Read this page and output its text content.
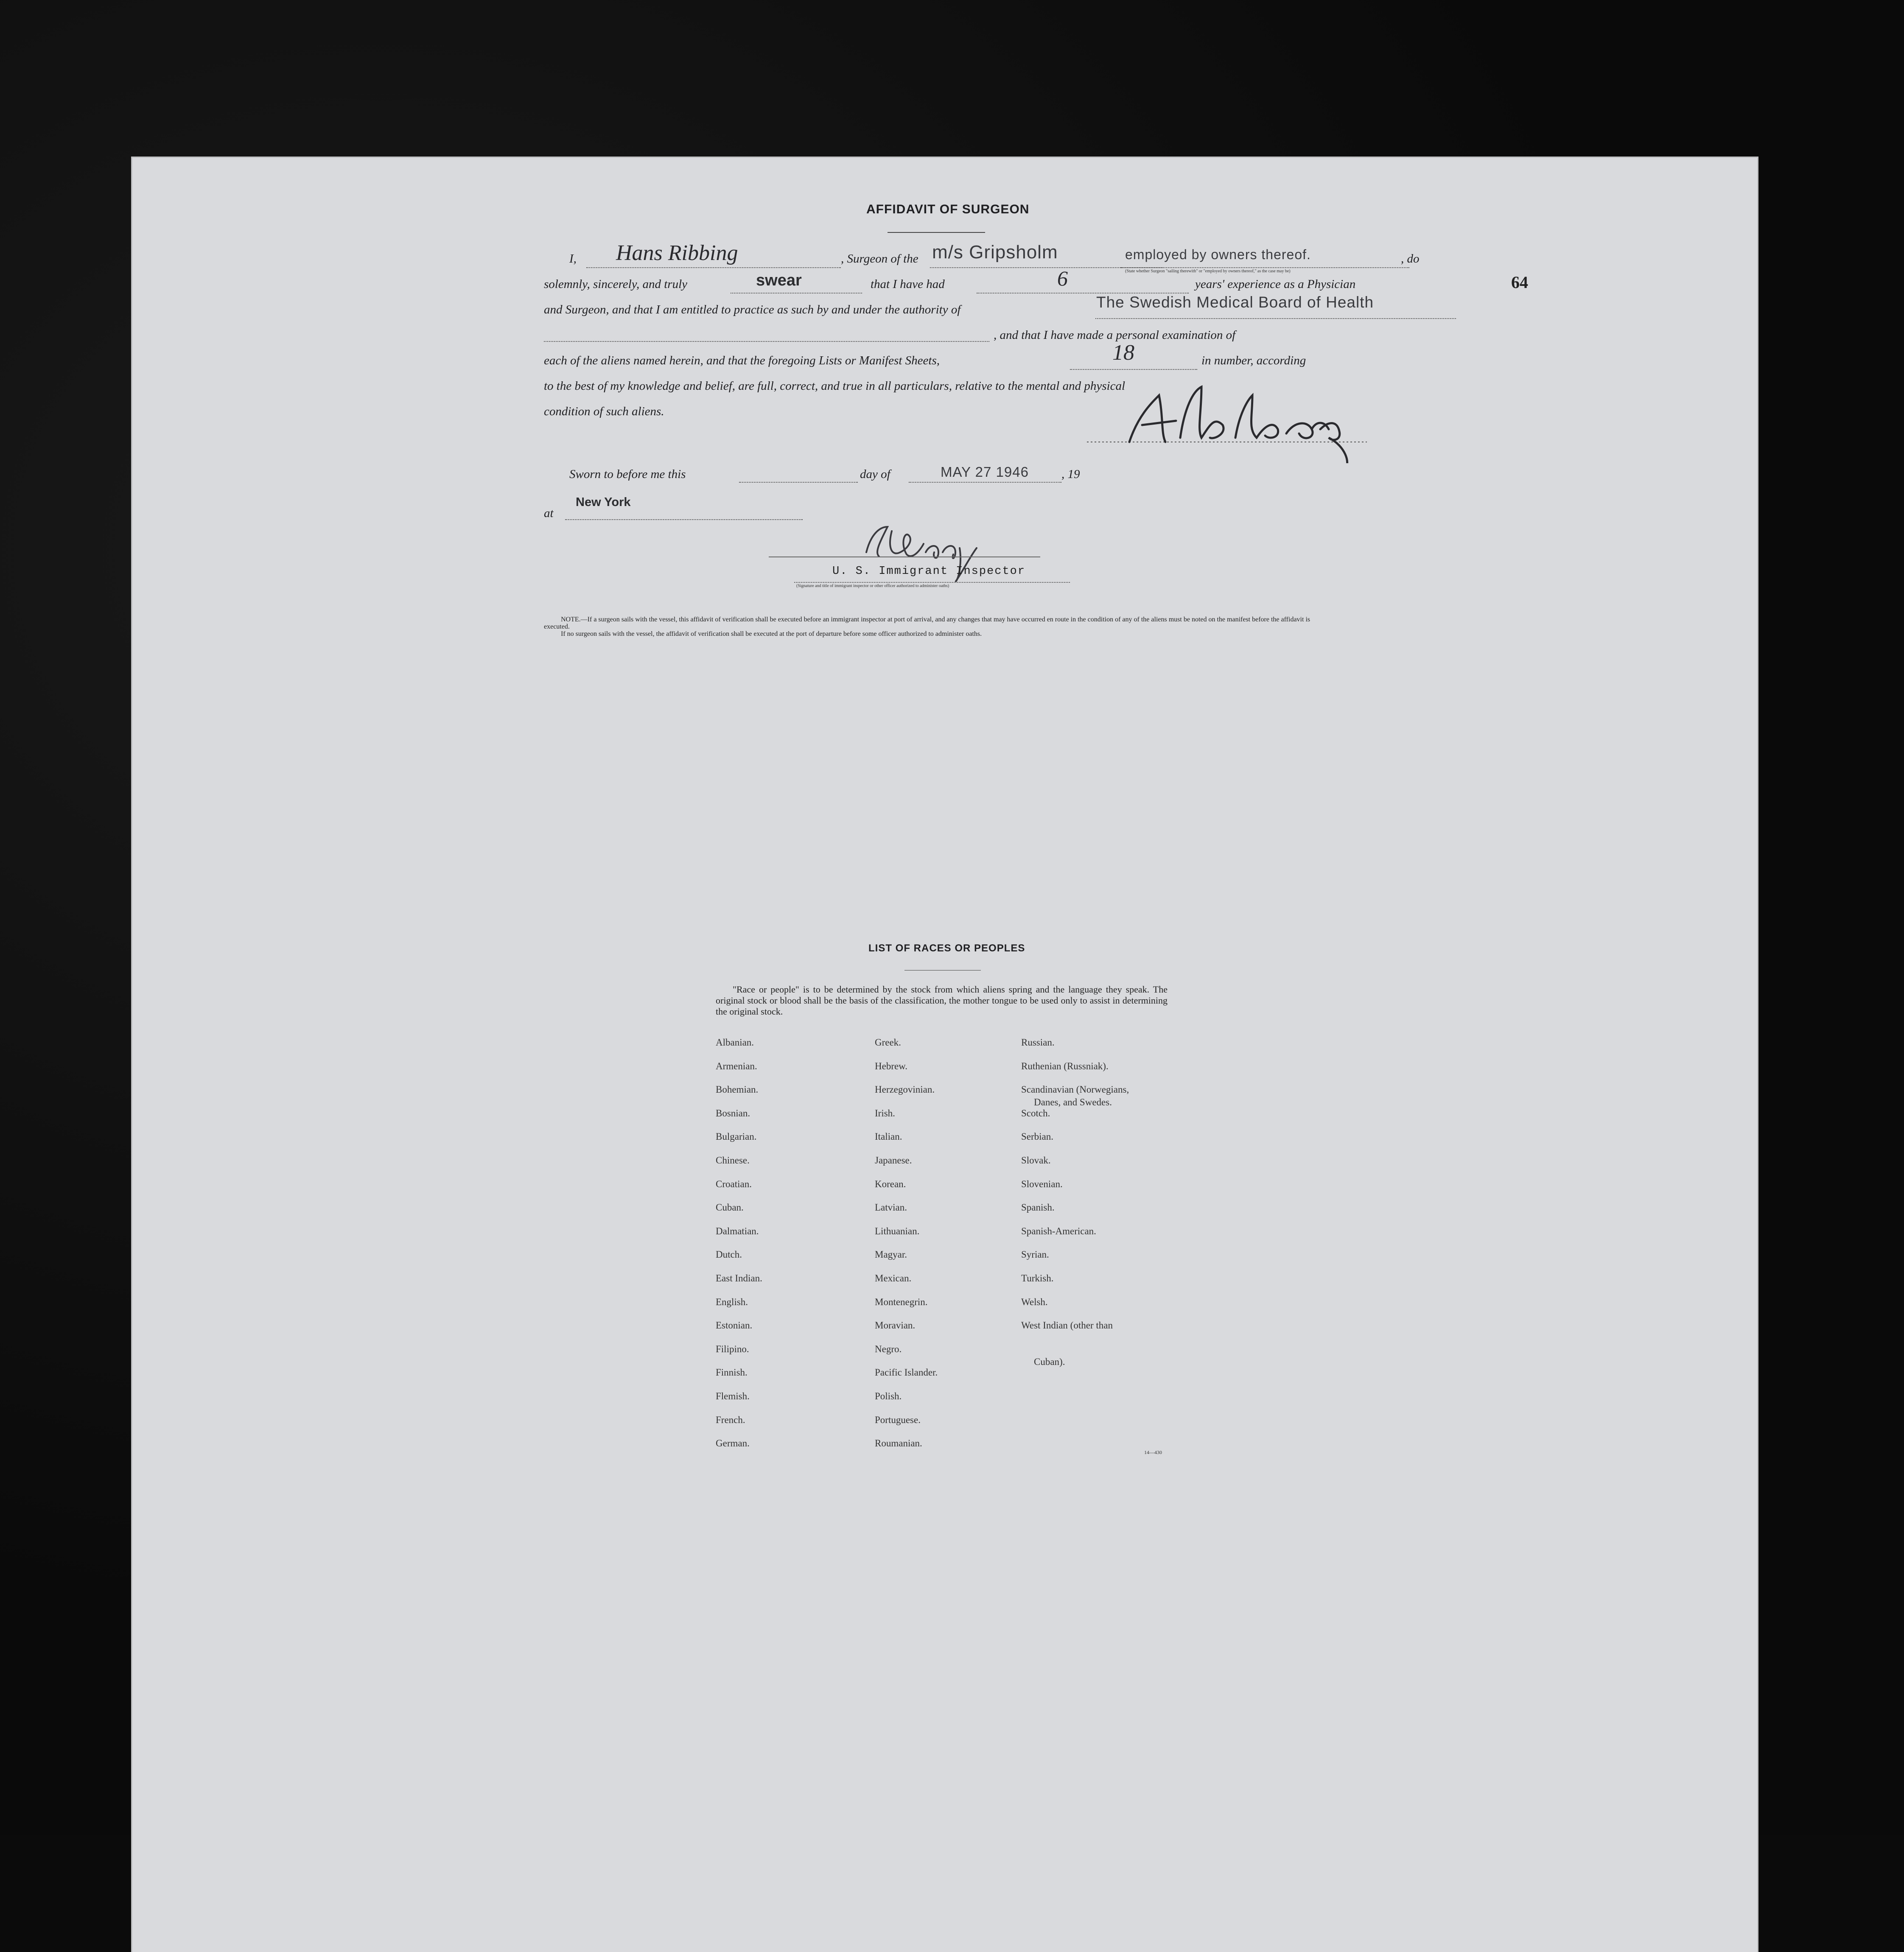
64
AFFIDAVIT OF SURGEON
I, Hans Ribbing	, Surgeon of the m/s Gripsholm	employed by owners thereof.	, do
(State whether Surgeon "sailing therewith" or "employed by owners thereof," as the case may be)
solemnly, sincerely, and truly	swear	that I have had	6	years' experience as a Physician
and Surgeon, and that I am entitled to practice as such by and under the authority of	The Swedish Medical Board of Health
, and that I have made a personal examination of
each of the aliens named herein, and that the foregoing Lists or Manifest Sheets,	18	in number, according
to the best of my knowledge and belief, are full, correct, and true in all particulars, relative to the mental and physical
condition of such aliens.
Sworn to before me this	day of	MAY 27 1946	, 19
at
New York
U. S. Immigrant Inspector
(Signature and title of immigrant inspector or other officer authorized to administer oaths)
NOTE.—If a surgeon sails with the vessel, this affidavit of verification shall be executed before an immigrant inspector at port of arrival, and any changes that may have occurred en route in the condition of any of the aliens must be noted on the manifest before the affidavit is executed.
If no surgeon sails with the vessel, the affidavit of verification shall be executed at the port of departure before some officer authorized to administer oaths.
LIST OF RACES OR PEOPLES
"Race or people" is to be determined by the stock from which aliens spring and the language they speak. The original stock or blood shall be the basis of the classification, the mother tongue to be used only to assist in determining the original stock.
Albanian.
Armenian.
Bohemian.
Bosnian.
Bulgarian.
Chinese.
Croatian.
Cuban.
Dalmatian.
Dutch.
East Indian.
English.
Estonian.
Filipino.
Finnish.
Flemish.
French.
German.
Greek.
Hebrew.
Herzegovinian.
Irish.
Italian.
Japanese.
Korean.
Latvian.
Lithuanian.
Magyar.
Mexican.
Montenegrin.
Moravian.
Negro.
Pacific Islander.
Polish.
Portuguese.
Roumanian.
Russian.
Ruthenian (Russniak).
Scandinavian (Norwegians,
Danes, and Swedes.
Scotch.
Serbian.
Slovak.
Slovenian.
Spanish.
Spanish-American.
Syrian.
Turkish.
Welsh.
West Indian (other than
Cuban).
14—430
